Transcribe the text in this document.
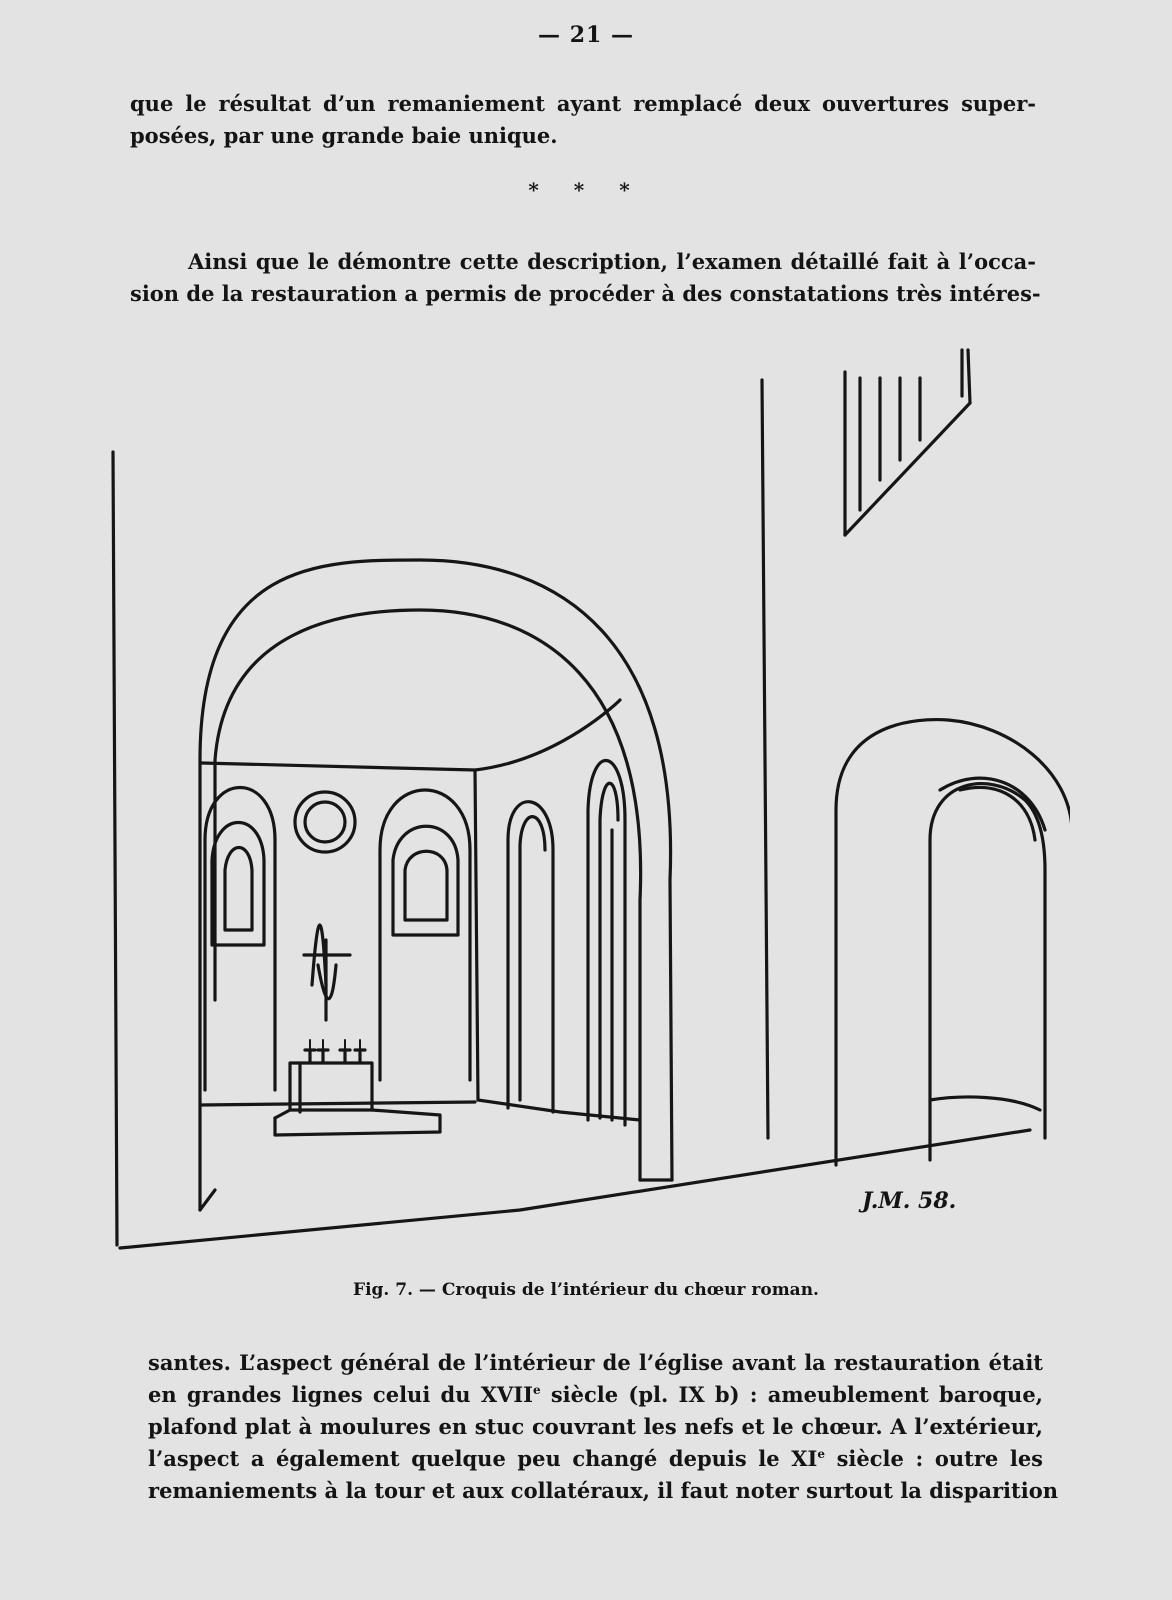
— 21 —
que le résultat d’un remaniement ayant remplacé deux ouvertures super-
posées, par une grande baie unique.
* * *
Ainsi que le démontre cette description, l’examen détaillé fait à l’occa-
sion de la restauration a permis de procéder à des constatations très intéres-
J.M. 58.
Fig. 7. — Croquis de l’intérieur du chœur roman.
santes. L’aspect général de l’intérieur de l’église avant la restauration était
en grandes lignes celui du XVIIe siècle (pl. IX b) : ameublement baroque,
plafond plat à moulures en stuc couvrant les nefs et le chœur. A l’extérieur,
l’aspect a également quelque peu changé depuis le XIe siècle : outre les
remaniements à la tour et aux collatéraux, il faut noter surtout la disparition
